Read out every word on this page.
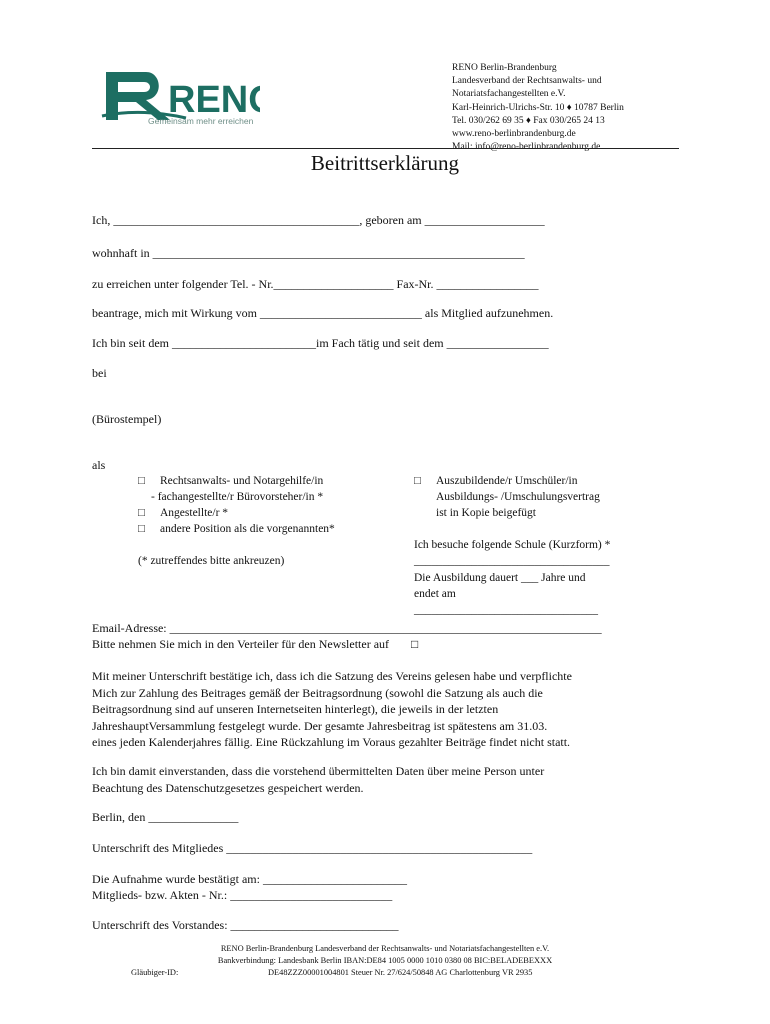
REN
Gemeinsam mehr erreichen
RENO Berlin-Brandenburg
Landesverband der Rechtsanwalts- und
Notariatsfachangestellten e.V.
Karl-Heinrich-Ulrichs-Str. 10 ♦ 10787 Berlin
Tel. 030/262 69 35 ♦ Fax 030/265 24 13
www.reno-berlinbrandenburg.de
Mail: info@reno-berlinbrandenburg.de
Beitrittserklärung
Ich, _________________________________________, geboren am ____________________
wohnhaft in ______________________________________________________________
zu erreichen unter folgender Tel. - Nr.____________________ Fax-Nr. _________________
beantrage, mich mit Wirkung vom ___________________________ als Mitglied aufzunehmen.
Ich bin seit dem ________________________im Fach tätig und seit dem _________________
bei
(Bürostempel)
als
□ Rechtsanwalts- und Notargehilfe/in
- fachangestellte/r Bürovorsteher/in *
□ Angestellte/r *
□ andere Position als die vorgenannten*
(* zutreffendes bitte ankreuzen)
□ Auszubildende/r Umschüler/in
Ausbildungs- /Umschulungsvertrag
ist in Kopie beigefügt
Ich besuche folgende Schule (Kurzform) *
__________________________________
Die Ausbildung dauert ___ Jahre und
endet am
________________________________
Email-Adresse: ________________________________________________________________________
Bitte nehmen Sie mich in den Verteiler für den Newsletter auf □
Mit meiner Unterschrift bestätige ich, dass ich die Satzung des Vereins gelesen habe und verpflichte
Mich zur Zahlung des Beitrages gemäß der Beitragsordnung (sowohl die Satzung als auch die
Beitragsordnung sind auf unseren Internetseiten hinterlegt), die jeweils in der letzten
JahreshauptVersammlung festgelegt wurde. Der gesamte Jahresbeitrag ist spätestens am 31.03.
eines jeden Kalenderjahres fällig. Eine Rückzahlung im Voraus gezahlter Beiträge findet nicht statt.
Ich bin damit einverstanden, dass die vorstehend übermittelten Daten über meine Person unter
Beachtung des Datenschutzgesetzes gespeichert werden.
Berlin, den _______________
Unterschrift des Mitgliedes ___________________________________________________
Die Aufnahme wurde bestätigt am: ________________________
Mitglieds- bzw. Akten - Nr.: ___________________________
Unterschrift des Vorstandes: ____________________________
RENO Berlin-Brandenburg Landesverband der Rechtsanwalts- und Notariatsfachangestellten e.V.
Bankverbindung: Landesbank Berlin IBAN:DE84 1005 0000 1010 0380 08 BIC:BELADEBEXXX
Gläubiger-ID:	DE48ZZZ00001004801 Steuer Nr. 27/624/50848 AG Charlottenburg VR 2935
